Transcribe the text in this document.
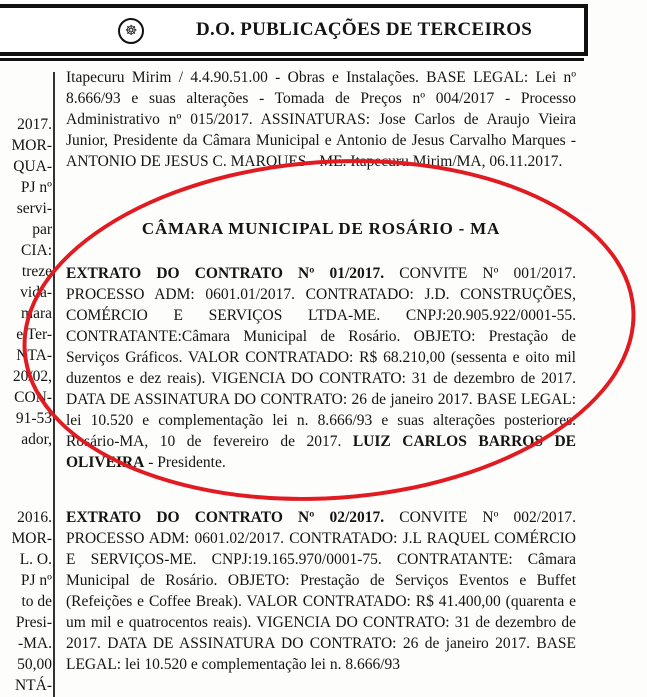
☸	D.O. PUBLICAÇÕES DE TERCEIROS
2017.
MOR-
QUA-
PJ nº
servi-
par
CIA:
treze
vida-
mara
e Ter-
NTA-
20/02,
CON-
91-53
ador,
2016.
MOR-
L. O.
PJ nº
to de
Presi-
-MA.
50,00
NTÁ-

Itapecuru Mirim / 4.4.90.51.00 - Obras e Instalações. BASE LEGAL: Lei nº 8.666/93 e suas alterações - Tomada de Preços nº 004/2017 - Processo Administrativo nº 015/2017. ASSINATURAS: Jose Carlos de Araujo Vieira Junior, Presidente da Câmara Municipal e Antonio de Jesus Carvalho Marques - ANTONIO DE JESUS C. MARQUES - ME. Itapecuru Mirim/MA, 06.11.2017.

CÂMARA MUNICIPAL DE ROSÁRIO - MA

EXTRATO DO CONTRATO Nº 01/2017. CONVITE Nº 001/2017. PROCESSO ADM: 0601.01/2017. CONTRATADO: J.D. CONSTRUÇÕES, COMÉRCIO E SERVIÇOS LTDA-ME. CNPJ:20.905.922/0001-55. CONTRATANTE:Câmara Municipal de Rosário. OBJETO: Prestação de Serviços Gráficos. VALOR CONTRATADO: R$ 68.210,00 (sessenta e oito mil duzentos e dez reais). VIGENCIA DO CONTRATO: 31 de dezembro de 2017. DATA DE ASSINATURA DO CONTRATO: 26 de janeiro 2017. BASE LEGAL: lei 10.520 e complementação lei n. 8.666/93 e suas alterações posteriores. Rosário-MA, 10 de fevereiro de 2017. LUIZ CARLOS BARROS DE OLIVEIRA - Presidente.

EXTRATO DO CONTRATO Nº 02/2017. CONVITE Nº 002/2017. PROCESSO ADM: 0601.02/2017. CONTRATADO: J.L RAQUEL COMÉRCIO E SERVIÇOS-ME. CNPJ:19.165.970/0001-75. CONTRATANTE: Câmara Municipal de Rosário. OBJETO: Prestação de Serviços Eventos e Buffet (Refeições e Coffee Break). VALOR CONTRATADO: R$ 41.400,00 (quarenta e um mil e quatrocentos reais). VIGENCIA DO CONTRATO: 31 de dezembro de 2017. DATA DE ASSINATURA DO CONTRATO: 26 de janeiro 2017. BASE LEGAL: lei 10.520 e complementação lei n. 8.666/93
